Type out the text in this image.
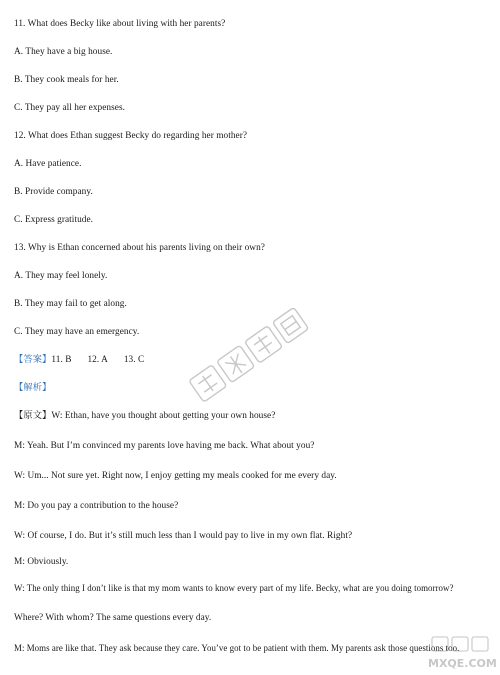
11. What does Becky like about living with her parents?
A. They have a big house.
B. They cook meals for her.
C. They pay all her expenses.
12. What does Ethan suggest Becky do regarding her mother?
A. Have patience.
B. Provide company.
C. Express gratitude.
13. Why is Ethan concerned about his parents living on their own?
A. They may feel lonely.
B. They may fail to get along.
C. They may have an emergency.
【答案】11. B 12. A 13. C
【解析】
【原文】W: Ethan, have you thought about getting your own house?
M: Yeah. But I’m convinced my parents love having me back. What about you?
W: Um... Not sure yet. Right now, I enjoy getting my meals cooked for me every day.
M: Do you pay a contribution to the house?
W: Of course, I do. But it’s still much less than I would pay to live in my own flat. Right?
M: Obviously.
W: The only thing I don’t like is that my mom wants to know every part of my life. Becky, what are you doing tomorrow?
Where? With whom? The same questions every day.
M: Moms are like that. They ask because they care. You’ve got to be patient with them. My parents ask those questions too.
MXQE.COM
